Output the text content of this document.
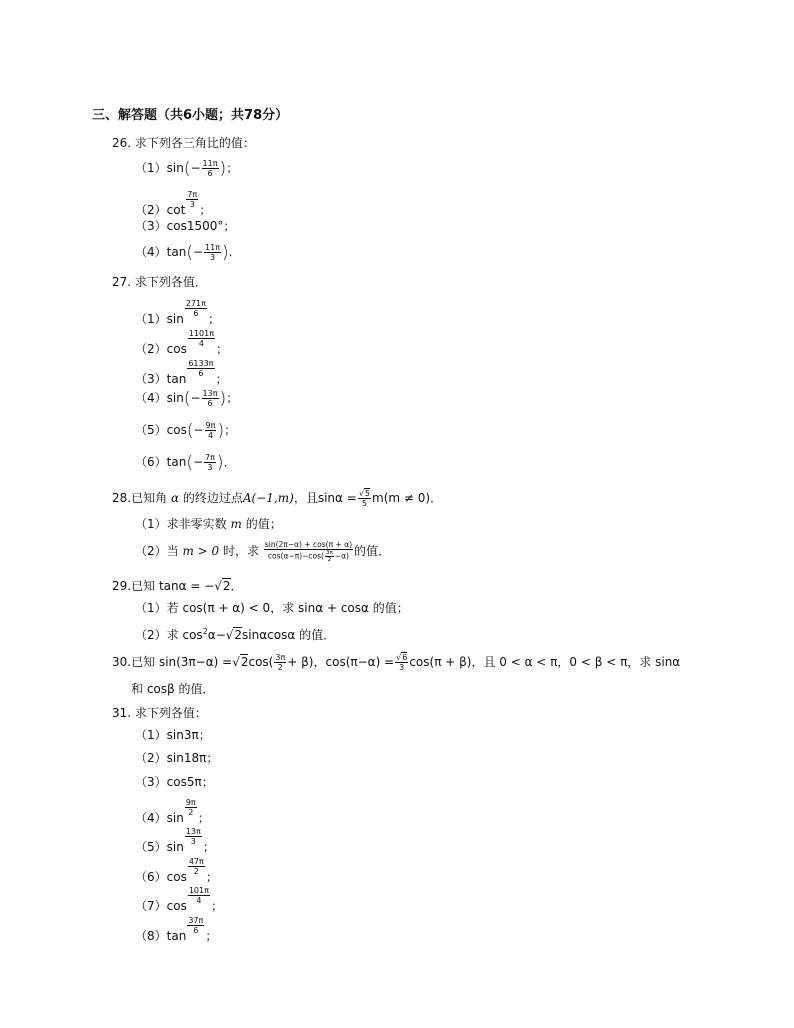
三、解答题（共6小题；共78分）
26. 求下列各三角比的值：
$(1)\sin(- \frac{11\pi}{6}$ )；
（2）cot
$\frac{7\pi}{3}$
；
（3）cos1500°；
$(4)\tan(- \frac{11\pi}{3}$ ).
27. 求下列各值．
（1）sin
$\frac{271\pi}{6}$
；
（2）cos
$\frac{1101\pi}{4}$
；
（3）tan
$\frac{6133\pi}{6}$
；
$(4)\sin(- \frac{13\pi}{6}$ )；
$(5)\cos(- \frac{9\pi}{4}$ )；
$(6)\tan(- \frac{7\pi}{3}$ )．
28.已知角 α 的终边过点A(−1,m)，且$\sin\alpha = \frac{√5}{5} m(m \ne 0)$．
（1）求非零实数 m 的值；
（2）当 m > 0 时，求 $\frac{\sin(2\pi-\alpha) + \cos(\pi + \alpha)}{\cos(\alpha-\pi)-\cos( \frac{3\pi}{2} -\alpha)}$ 的值．
29.已知 tanα = −√2．
（1）若 cos(π + α) < 0，求 sinα + cosα 的值；
（2）求 $\cos^2\alpha-√2\sin\alpha\cos\alpha$ 的值．
30.已知 $\sin(3\pi-\alpha) =√2\cos( \frac{3\pi}{2} + \beta)$，$\cos(\pi-\alpha) = \frac{√6}{3} \cos(\pi + \beta)$，且 0 < α < π，0 < β < π，求 sinα
和 cosβ 的值．
31. 求下列各值：
（1）sin3π；
（2）sin18π；
（3）cos5π；
（4）sin
$\frac{9\pi}{2}$
；
（5）sin
$\frac{13\pi}{3}$
；
（6）cos
$\frac{47\pi}{2}$
；
（7）cos
$\frac{101\pi}{4}$
；
（8）tan
$\frac{37\pi}{6}$
；
